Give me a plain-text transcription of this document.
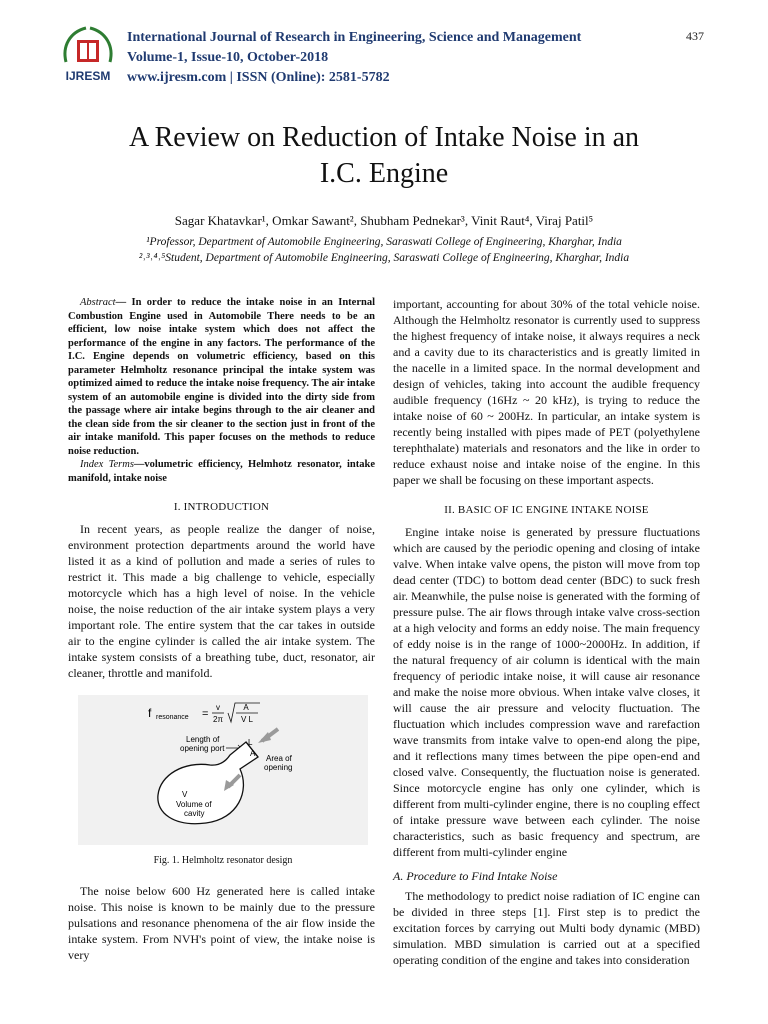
IJRESM
International Journal of Research in Engineering, Science and Management
Volume-1, Issue-10, October-2018
www.ijresm.com | ISSN (Online): 2581-5782
437
A Review on Reduction of Intake Noise in an
I.C. Engine
Sagar Khatavkar¹, Omkar Sawant², Shubham Pednekar³, Vinit Raut⁴, Viraj Patil⁵
¹Professor, Department of Automobile Engineering, Saraswati College of Engineering, Kharghar, India
²˒³˒⁴˒⁵Student, Department of Automobile Engineering, Saraswati College of Engineering, Kharghar, India

Abstract— In order to reduce the intake noise in an Internal Combustion Engine used in Automobile There needs to be an efficient, low noise intake system which does not affect the performance of the engine in any factors. The performance of the I.C. Engine depends on volumetric efficiency, based on this parameter Helmholtz resonance principal the intake system was optimized aimed to reduce the intake noise frequency. The air intake system of an automobile engine is divided into the dirty side from the passage where air intake begins through to the air cleaner and the clean side from the sir cleaner to the section just in front of the air intake manifold. This paper focuses on the methods to reduce noise reduction.

Index Terms—volumetric efficiency, Helmhotz resonator, intake manifold, intake noise

I. INTRODUCTION

In recent years, as people realize the danger of noise, environment protection departments around the world have listed it as a kind of pollution and made a series of rules to restrict it. This made a big challenge to vehicle, especially motorcycle which has a high level of noise. In the vehicle noise, the noise reduction of the air intake system plays a very important role. The entire system that the car takes in outside air to the engine cylinder is called the air intake system. The intake system consists of a breathing tube, duct, resonator, air cleaner, throttle and manifold.

f resonance =
v
2π
A
V L
Length of
opening port
L
Area of
opening
A
V
Volume of
cavity
Fig. 1. Helmholtz resonator design

The noise below 600 Hz generated here is called intake noise. This noise is known to be mainly due to the pressure pulsations and resonance phenomena of the air flow inside the intake system. From NVH's point of view, the intake noise is very

important, accounting for about 30% of the total vehicle noise. Although the Helmholtz resonator is currently used to suppress the highest frequency of intake noise, it always requires a neck and a cavity due to its characteristics and is greatly limited in the nacelle in a limited space. In the normal development and design of vehicles, taking into account the audible frequency audible frequency (16Hz ~ 20 kHz), is trying to reduce the intake noise of 60 ~ 200Hz. In particular, an intake system is recently being installed with pipes made of PET (polyethylene terephthalate) materials and resonators and the like in order to reduce exhaust noise and intake noise of the engine. In this paper we shall be focusing on these important aspects.

II. BASIC OF IC ENGINE INTAKE NOISE

Engine intake noise is generated by pressure fluctuations which are caused by the periodic opening and closing of intake valve. When intake valve opens, the piston will move from top dead center (TDC) to bottom dead center (BDC) to suck fresh air. Meanwhile, the pulse noise is generated with the forming of pressure pulse. The air flows through intake valve cross-section at a high velocity and forms an eddy noise. The main frequency of eddy noise is in the range of 1000~2000Hz. In addition, if the natural frequency of air column is identical with the main frequency of periodic intake noise, it will cause air resonance and make the noise more obvious. When intake valve closes, it will cause the air pressure and velocity fluctuation. The fluctuation which includes compression wave and rarefaction wave transmits from intake valve to open-end along the pipe, and it reflections many times between the pipe open-end and closed valve. Consequently, the fluctuation noise is generated. Since motorcycle engine has only one cylinder, which is different from multi-cylinder engine, there is no coupling effect of intake pressure wave between each cylinder. The noise characteristics, such as basic frequency and spectrum, are different from multi-cylinder engine

A. Procedure to Find Intake Noise

The methodology to predict noise radiation of IC engine can be divided in three steps [1]. First step is to predict the excitation forces by carrying out Multi body dynamic (MBD) simulation. MBD simulation is carried out at a specified operating condition of the engine and takes into consideration
